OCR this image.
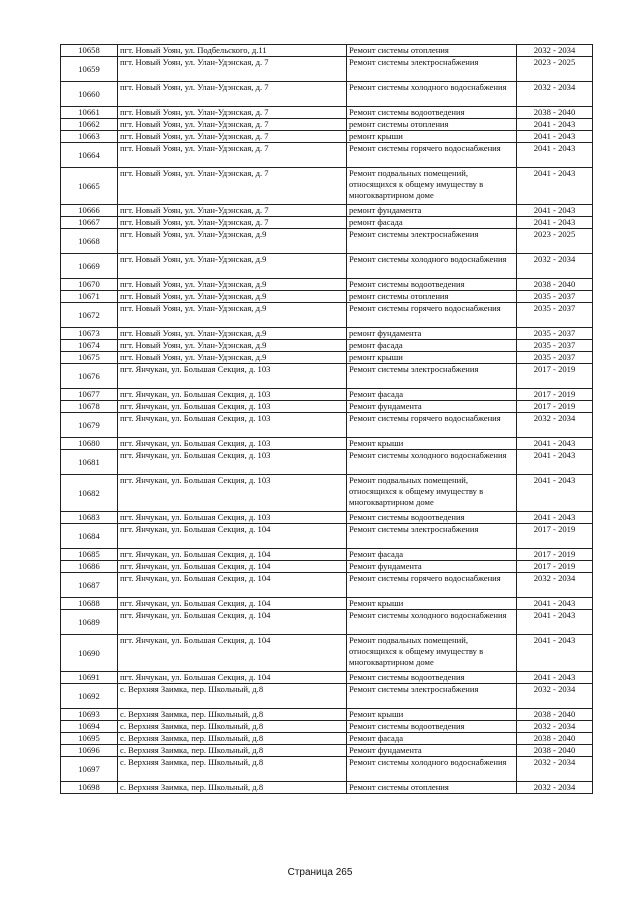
10658	пгт. Новый Уоян, ул. Подбельского, д.11	Ремонт системы отопления	2032 - 2034
10659	пгт. Новый Уоян, ул. Улан-Удэнская, д. 7	Ремонт системы электроснабжения	2023 - 2025
10660	пгт. Новый Уоян, ул. Улан-Удэнская, д. 7	Ремонт системы холодного водоснабжения	2032 - 2034
10661	пгт. Новый Уоян, ул. Улан-Удэнская, д. 7	Ремонт системы водоотведения	2038 - 2040
10662	пгт. Новый Уоян, ул. Улан-Удэнская, д. 7	ремонт системы отопления	2041 - 2043
10663	пгт. Новый Уоян, ул. Улан-Удэнская, д. 7	ремонт крыши	2041 - 2043
10664	пгт. Новый Уоян, ул. Улан-Удэнская, д. 7	Ремонт системы горячего водоснабжения	2041 - 2043
10665	пгт. Новый Уоян, ул. Улан-Удэнская, д. 7	Ремонт подвальных помещений, относящихся к общему имуществу в многоквартирном доме	2041 - 2043
10666	пгт. Новый Уоян, ул. Улан-Удэнская, д. 7	ремонт фундамента	2041 - 2043
10667	пгт. Новый Уоян, ул. Улан-Удэнская, д. 7	ремонт фасада	2041 - 2043
10668	пгт. Новый Уоян, ул. Улан-Удэнская, д.9	Ремонт системы электроснабжения	2023 - 2025
10669	пгт. Новый Уоян, ул. Улан-Удэнская, д.9	Ремонт системы холодного водоснабжения	2032 - 2034
10670	пгт. Новый Уоян, ул. Улан-Удэнская, д.9	Ремонт системы водоотведения	2038 - 2040
10671	пгт. Новый Уоян, ул. Улан-Удэнская, д.9	ремонт системы отопления	2035 - 2037
10672	пгт. Новый Уоян, ул. Улан-Удэнская, д.9	Ремонт системы горячего водоснабжения	2035 - 2037
10673	пгт. Новый Уоян, ул. Улан-Удэнская, д.9	ремонт фундамента	2035 - 2037
10674	пгт. Новый Уоян, ул. Улан-Удэнская, д.9	ремонт фасада	2035 - 2037
10675	пгт. Новый Уоян, ул. Улан-Удэнская, д.9	ремонт крыши	2035 - 2037
10676	пгт. Янчукан, ул. Большая Секция, д. 103	Ремонт системы электроснабжения	2017 - 2019
10677	пгт. Янчукан, ул. Большая Секция, д. 103	Ремонт фасада	2017 - 2019
10678	пгт. Янчукан, ул. Большая Секция, д. 103	Ремонт фундамента	2017 - 2019
10679	пгт. Янчукан, ул. Большая Секция, д. 103	Ремонт системы горячего водоснабжения	2032 - 2034
10680	пгт. Янчукан, ул. Большая Секция, д. 103	Ремонт крыши	2041 - 2043
10681	пгт. Янчукан, ул. Большая Секция, д. 103	Ремонт системы холодного водоснабжения	2041 - 2043
10682	пгт. Янчукан, ул. Большая Секция, д. 103	Ремонт подвальных помещений, относящихся к общему имуществу в многоквартирном доме	2041 - 2043
10683	пгт. Янчукан, ул. Большая Секция, д. 103	Ремонт системы водоотведения	2041 - 2043
10684	пгт. Янчукан, ул. Большая Секция, д. 104	Ремонт системы электроснабжения	2017 - 2019
10685	пгт. Янчукан, ул. Большая Секция, д. 104	Ремонт фасада	2017 - 2019
10686	пгт. Янчукан, ул. Большая Секция, д. 104	Ремонт фундамента	2017 - 2019
10687	пгт. Янчукан, ул. Большая Секция, д. 104	Ремонт системы горячего водоснабжения	2032 - 2034
10688	пгт. Янчукан, ул. Большая Секция, д. 104	Ремонт крыши	2041 - 2043
10689	пгт. Янчукан, ул. Большая Секция, д. 104	Ремонт системы холодного водоснабжения	2041 - 2043
10690	пгт. Янчукан, ул. Большая Секция, д. 104	Ремонт подвальных помещений, относящихся к общему имуществу в многоквартирном доме	2041 - 2043
10691	пгт. Янчукан, ул. Большая Секция, д. 104	Ремонт системы водоотведения	2041 - 2043
10692	с. Верхняя Заимка, пер. Школьный, д.8	Ремонт системы электроснабжения	2032 - 2034
10693	с. Верхняя Заимка, пер. Школьный, д.8	Ремонт крыши	2038 - 2040
10694	с. Верхняя Заимка, пер. Школьный, д.8	Ремонт системы водоотведения	2032 - 2034
10695	с. Верхняя Заимка, пер. Школьный, д.8	Ремонт фасада	2038 - 2040
10696	с. Верхняя Заимка, пер. Школьный, д.8	Ремонт фундамента	2038 - 2040
10697	с. Верхняя Заимка, пер. Школьный, д.8	Ремонт системы холодного водоснабжения	2032 - 2034
10698	с. Верхняя Заимка, пер. Школьный, д.8	Ремонт системы отопления	2032 - 2034
Страница 265
